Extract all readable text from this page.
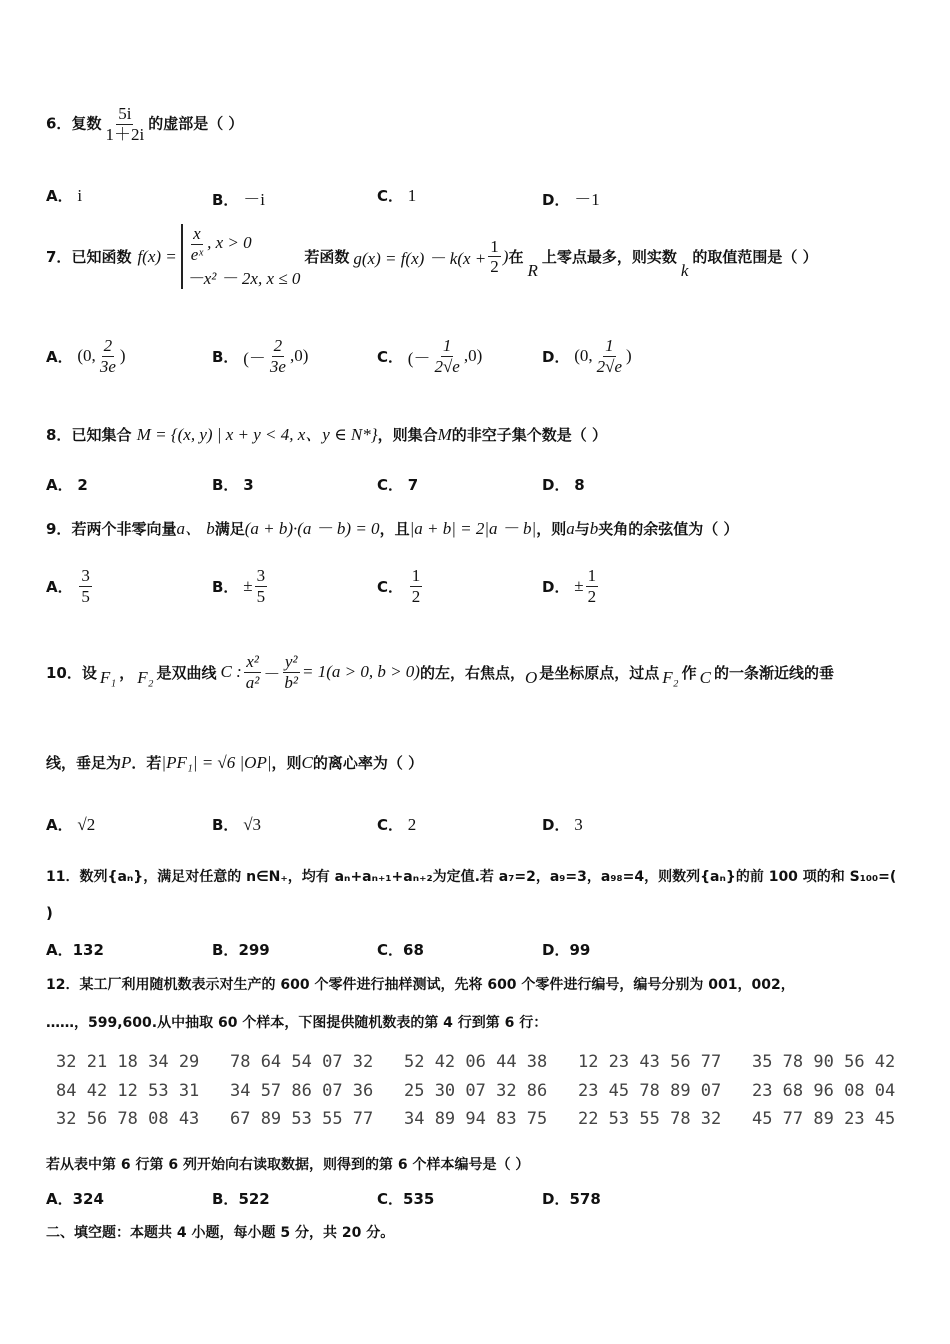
6．复数 $\frac{5i}{1+2i}$ 的虚部是（ ）
A． i	B． －i	C． 1	D． －1
7． 已知函数 $f(x) = \frac{x}{\text{eˣ}}$ , x > 0
－x² － 2x, x ≤ 0
若函数 $g(x) = f(x) - k(x + \frac{1}{2}$ ) 在
R
上零点最多，则实数
k
的取值范围是（ ）
A．
(0, $\frac{2}{3e}$ )	B．
(－ $\frac{2}{3e} ,0$)	C．
(－ $\frac{1}{2√e} ,0$)	D．
(0, $\frac{1}{2√e}$ )
8．已知集合 M = {(x, y) | x + y < 4, x、y ∈ N*}，则集合M的非空子集个数是（ ）
A． 2	B． 3	C． 7	D． 8
9．若两个非零向量a、 b满足(a + b)·(a － b) = 0，且|a + b| = 2|a － b|，则a与b夹角的余弦值为（ ）
A．
$\frac{3}{5}$	B．
± $\frac{3}{5}$	C．
$\frac{1}{2}$	D．
± $\frac{1}{2}$
10． 设 F₁ ， F₂ 是双曲线 C : $\frac{\text{x²}}{\text{a²}} - \frac{\text{y²}}{\text{b²}} = 1(a > 0$, b > 0) 的左，右焦点， O 是坐标原点，过点 F₂ 作 C 的一条渐近线的垂
线，垂足为P．若|PF₁| = √6 |OP|，则C的离心率为（ ）
A． √2	B． √3	C． 2	D． 3
11．数列{aₙ}，满足对任意的 n∈N₊，均有 aₙ+aₙ₊₁+aₙ₊₂为定值.若 a₇=2，a₉=3，a₉₈=4，则数列{aₙ}的前 100 项的和 S₁₀₀=(
)
A．132	B．299	C．68	D．99
12．某工厂利用随机数表示对生产的 600 个零件进行抽样测试，先将 600 个零件进行编号，编号分别为 001，002，
……，599,600.从中抽取 60 个样本，下图提供随机数表的第 4 行到第 6 行：
32 21 18 34 29   78 64 54 07 32   52 42 06 44 38   12 23 43 56 77   35 78 90 56 42
84 42 12 53 31   34 57 86 07 36   25 30 07 32 86   23 45 78 89 07   23 68 96 08 04
32 56 78 08 43   67 89 53 55 77   34 89 94 83 75   22 53 55 78 32   45 77 89 23 45
若从表中第 6 行第 6 列开始向右读取数据，则得到的第 6 个样本编号是（ ）
A．324	B．522	C．535	D．578
二、填空题：本题共 4 小题，每小题 5 分，共 20 分。
